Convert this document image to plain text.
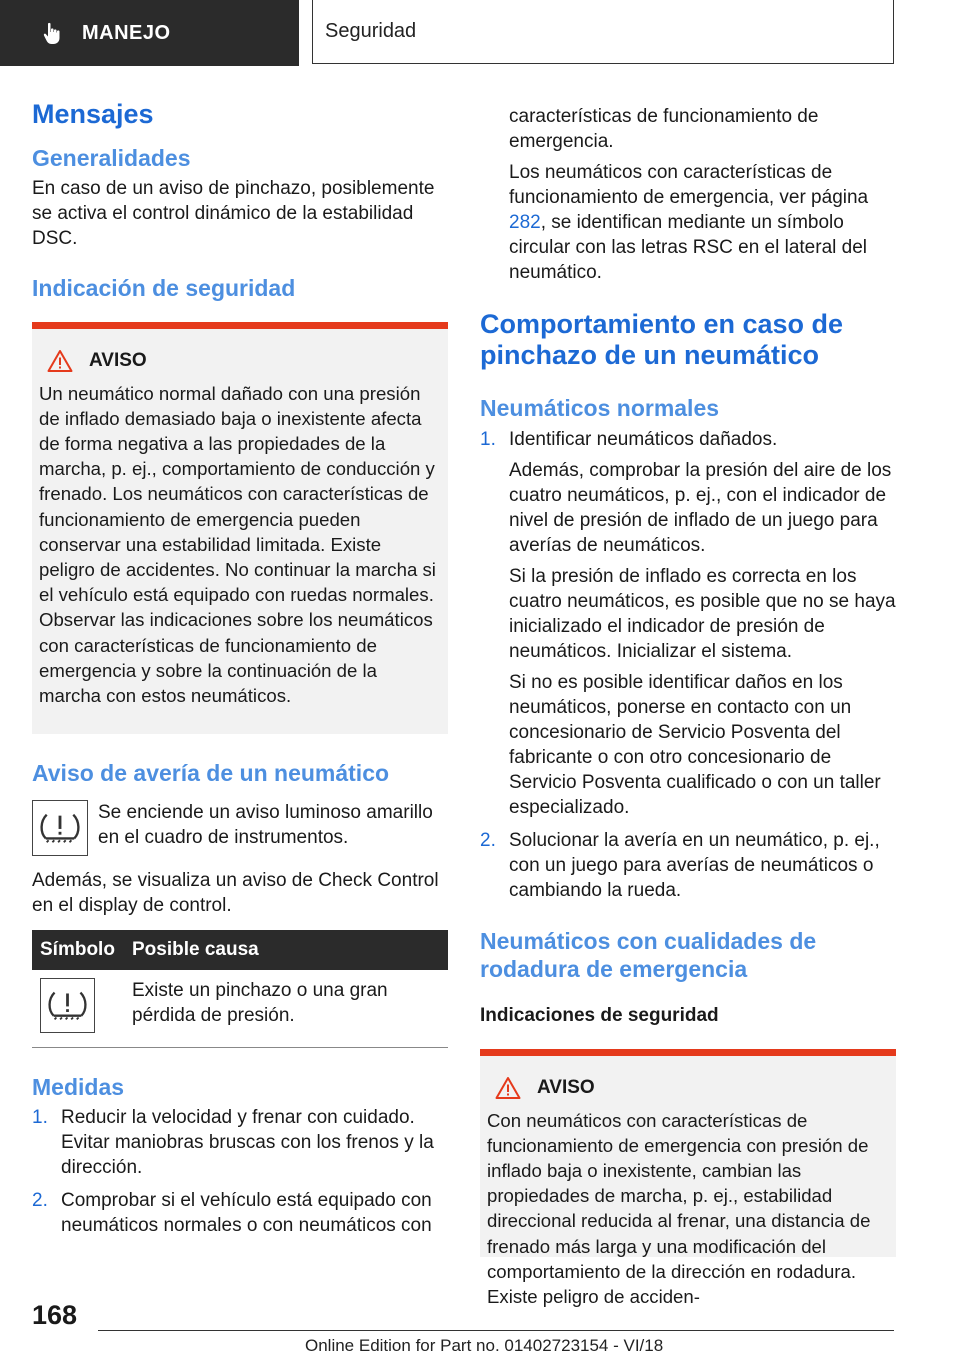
MANEJO	Seguridad
Mensajes
Generalidades

En caso de un aviso de pinchazo, posiblemente se activa el control dinámico de la estabilidad DSC.

Indicación de seguridad
AVISO

Un neumático normal dañado con una presión de inflado demasiado baja o inexistente afecta de forma negativa a las propiedades de la marcha, p. ej., comportamiento de conducción y frenado. Los neumáticos con características de funcionamiento de emergencia pueden conservar una estabilidad limitada. Existe peligro de accidentes. No continuar la marcha si el vehículo está equipado con ruedas normales. Observar las indicaciones sobre los neumáticos con características de funcionamiento de emergencia y sobre la continuación de la marcha con estos neumáticos.

Aviso de avería de un neumático

Se enciende un aviso luminoso amarillo en el cuadro de instrumentos.

Además, se visualiza un aviso de Check Control en el display de control.

Símbolo	Posible causa

	Existe un pinchazo o una gran pérdida de presión.
Medidas
1. Reducir la velocidad y frenar con cuidado. Evitar maniobras bruscas con los frenos y la dirección.
2. Comprobar si el vehículo está equipado con neumáticos normales o con neumáticos con

características de funcionamiento de emergencia.

Los neumáticos con características de funcionamiento de emergencia, ver página 282, se identifican mediante un símbolo circular con las letras RSC en el lateral del neumático.

Comportamiento en caso de pinchazo de un neumático
Neumáticos normales
1. Identificar neumáticos dañados.

Además, comprobar la presión del aire de los cuatro neumáticos, p. ej., con el indicador de nivel de presión de inflado de un juego para averías de neumáticos.

Si la presión de inflado es correcta en los cuatro neumáticos, es posible que no se haya inicializado el indicador de presión de neumáticos. Inicializar el sistema.

Si no es posible identificar daños en los neumáticos, ponerse en contacto con un concesionario de Servicio Posventa del fabricante o con otro concesionario de Servicio Posventa cualificado o con un taller especializado.

2. Solucionar la avería en un neumático, p. ej., con un juego para averías de neumáticos o cambiando la rueda.
Neumáticos con cualidades de rodadura de emergencia
Indicaciones de seguridad
AVISO

Con neumáticos con características de funcionamiento de emergencia con presión de inflado baja o inexistente, cambian las propiedades de marcha, p. ej., estabilidad direccional reducida al frenar, una distancia de frenado más larga y una modificación del comportamiento de la dirección en rodadura. Existe peligro de acciden-

168
Online Edition for Part no. 01402723154 - VI/18
